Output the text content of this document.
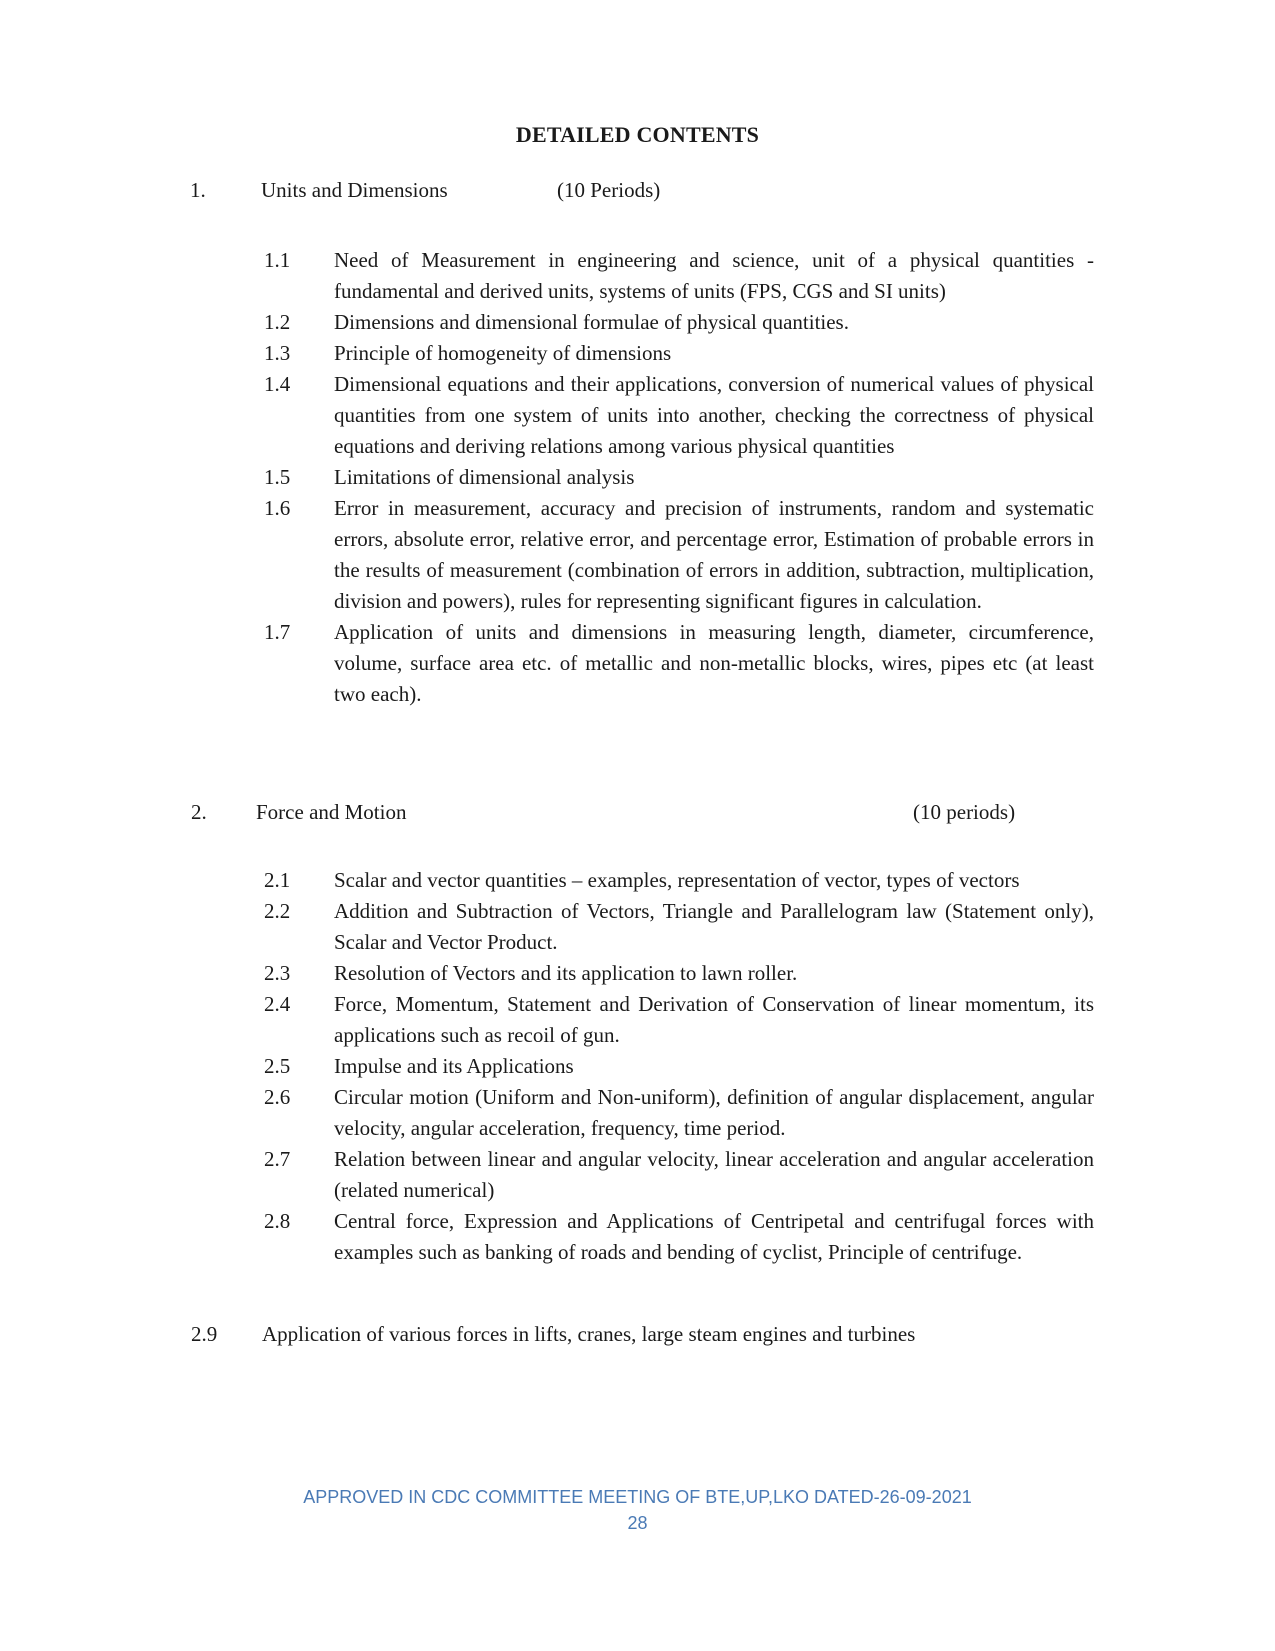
DETAILED CONTENTS
1.	Units and Dimensions	(10 Periods)
1.1	Need of Measurement in engineering and science, unit of a physical quantities - fundamental and derived units, systems of units (FPS, CGS and SI units)
1.2	Dimensions and dimensional formulae of physical quantities.
1.3	Principle of homogeneity of dimensions
1.4	Dimensional equations and their applications, conversion of numerical values of physical quantities from one system of units into another, checking the correctness of physical equations and deriving relations among various physical quantities
1.5	Limitations of dimensional analysis
1.6	Error in measurement, accuracy and precision of instruments, random and systematic errors, absolute error, relative error, and percentage error, Estimation of probable errors in the results of measurement (combination of errors in addition, subtraction, multiplication, division and powers), rules for representing significant figures in calculation.
1.7	Application of units and dimensions in measuring length, diameter, circumference, volume, surface area etc. of metallic and non-metallic blocks, wires, pipes etc (at least two each).
2. Force and Motion	(10 periods)
2.1	Scalar and vector quantities – examples, representation of vector, types of vectors
2.2	Addition and Subtraction of Vectors, Triangle and Parallelogram law (Statement only), Scalar and Vector Product.
2.3	Resolution of Vectors and its application to lawn roller.
2.4	Force, Momentum, Statement and Derivation of Conservation of linear momentum, its applications such as recoil of gun.
2.5	Impulse and its Applications
2.6	Circular motion (Uniform and Non-uniform), definition of angular displacement, angular velocity, angular acceleration, frequency, time period.
2.7	Relation between linear and angular velocity, linear acceleration and angular acceleration (related numerical)
2.8	Central force, Expression and Applications of Centripetal and centrifugal forces with examples such as banking of roads and bending of cyclist, Principle of centrifuge.
2.9 Application of various forces in lifts, cranes, large steam engines and turbines
APPROVED IN CDC COMMITTEE MEETING OF BTE,UP,LKO DATED-26-09-2021
28
